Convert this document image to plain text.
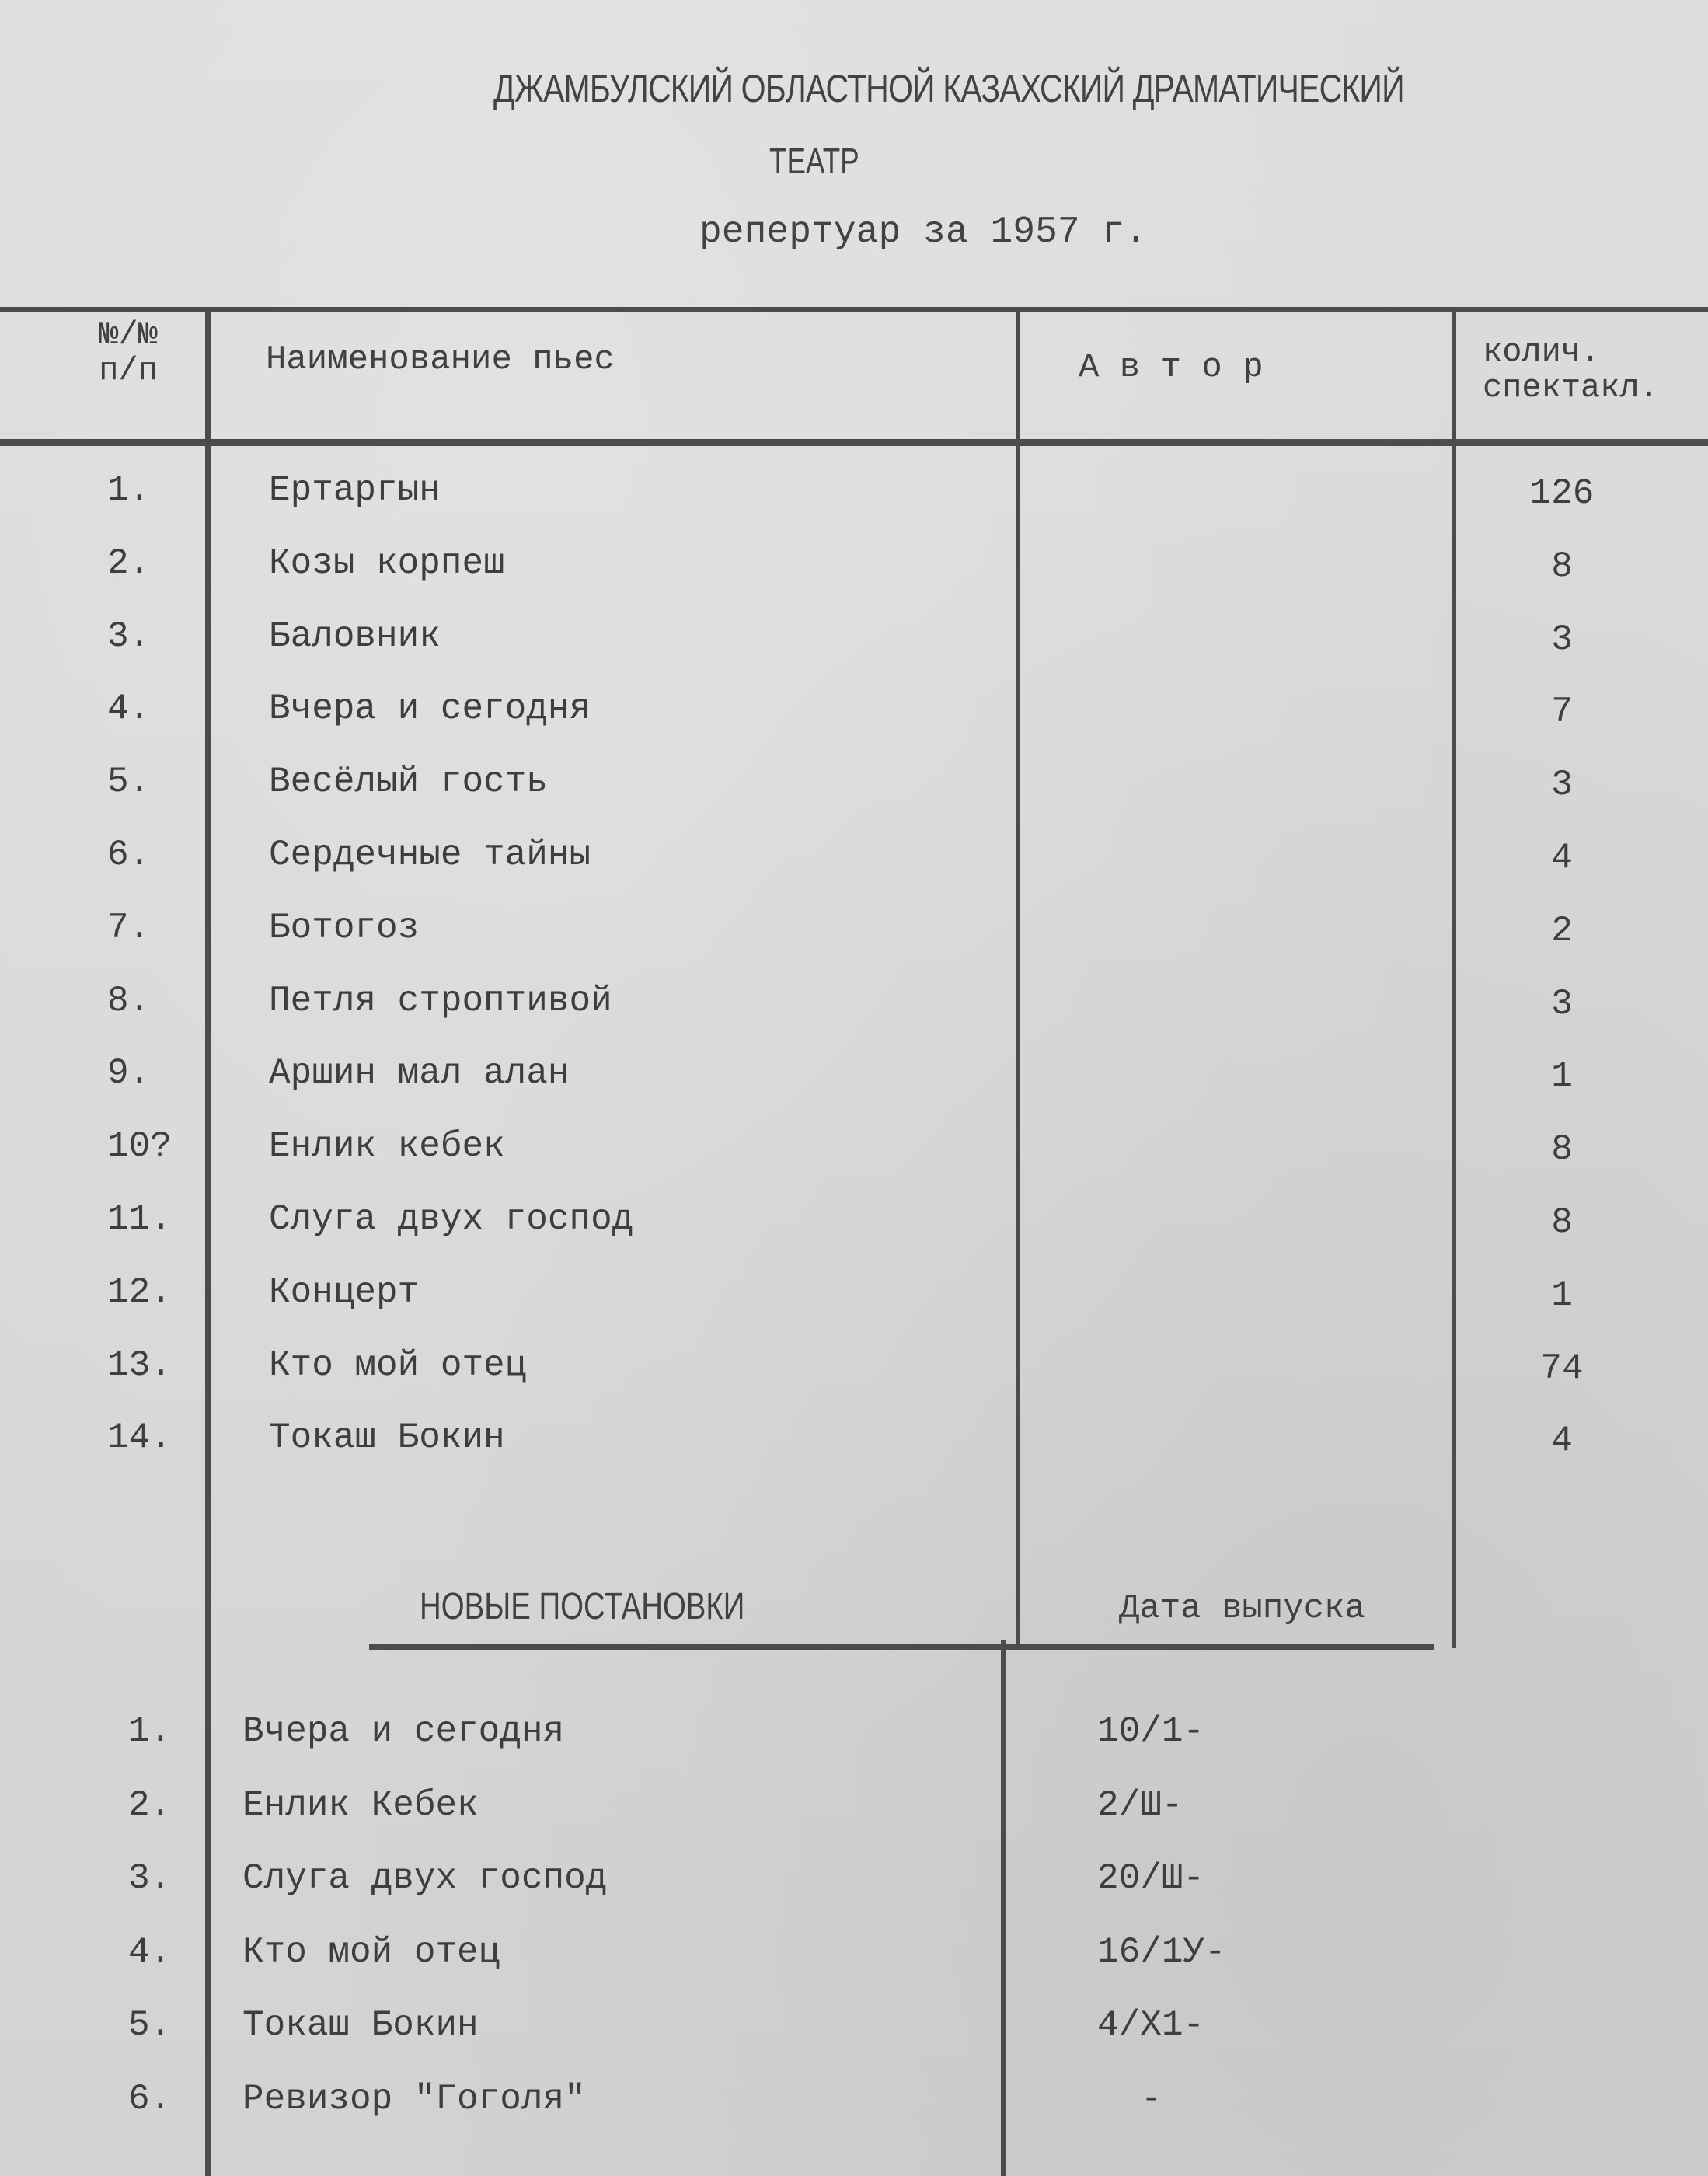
ДЖАМБУЛСКИЙ ОБЛАСТНОЙ КАЗАХСКИЙ ДРАМАТИЧЕСКИЙ
ТЕАТР
репертуар за 1957 г.
№/№
п/п	Наименование пьес	А в т о р	колич.
спектакл.
1.	Ертаргын	126
2.	Козы корпеш	8
3.	Баловник	3
4.	Вчера и сегодня	7
5.	Весёлый гость	3
6.	Сердечные тайны	4
7.	Ботогоз	2
8.	Петля строптивой	3
9.	Аршин мал алан	1
10?	Енлик кебек	8
11.	Слуга двух господ	8
12.	Концерт	1
13.	Кто мой отец	74
14.	Токаш Бокин	4
НОВЫЕ ПОСТАНОВКИ	Дата выпуска
1. Вчера и сегодня	10/1-
2. Енлик Кебек	2/Ш-
3. Слуга двух господ	20/Ш-
4. Кто мой отец	16/1У-
5. Токаш Бокин	4/Х1-
6. Ревизор "Гоголя"	-
